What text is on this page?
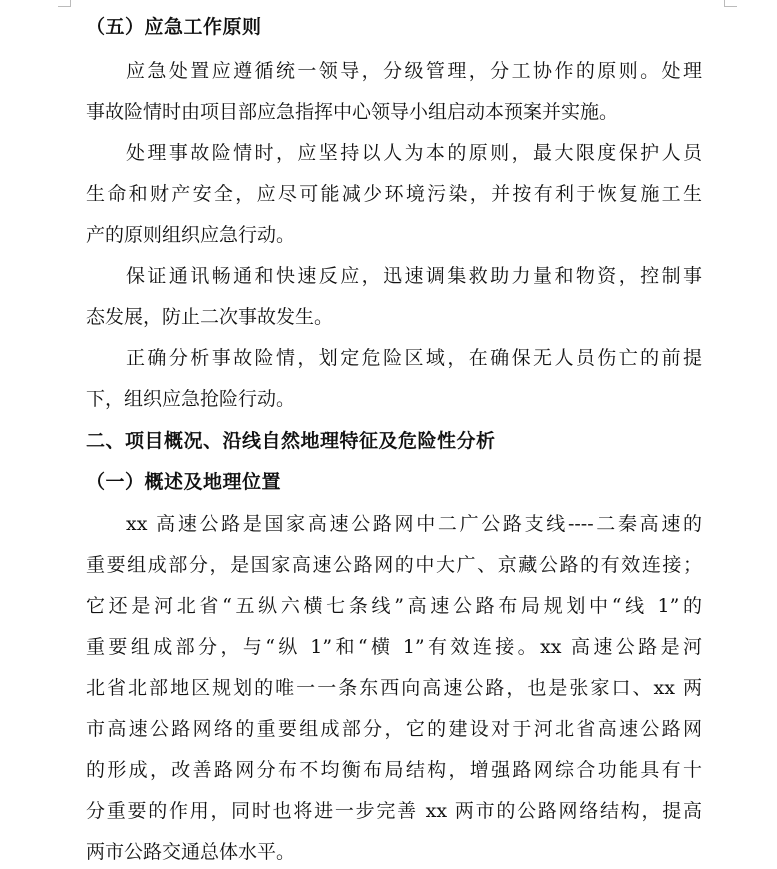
（五）应急工作原则
应急处置应遵循统一领导，分级管理，分工协作的原则。处理
事故险情时由项目部应急指挥中心领导小组启动本预案并实施。
处理事故险情时，应坚持以人为本的原则，最大限度保护人员
生命和财产安全，应尽可能减少环境污染，并按有利于恢复施工生
产的原则组织应急行动。
保证通讯畅通和快速反应，迅速调集救助力量和物资，控制事
态发展，防止二次事故发生。
正确分析事故险情，划定危险区域，在确保无人员伤亡的前提
下，组织应急抢险行动。
二、项目概况、沿线自然地理特征及危险性分析
（一）概述及地理位置
xx 高速公路是国家高速公路网中二广公路支线----二秦高速的
重要组成部分，是国家高速公路网的中大广、京藏公路的有效连接；
它还是河北省“五纵六横七条线”高速公路布局规划中“线 1”的
重要组成部分，与“纵 1”和“横 1”有效连接。xx 高速公路是河
北省北部地区规划的唯一一条东西向高速公路，也是张家口、xx 两
市高速公路网络的重要组成部分，它的建设对于河北省高速公路网
的形成，改善路网分布不均衡布局结构，增强路网综合功能具有十
分重要的作用，同时也将进一步完善 xx 两市的公路网络结构，提高
两市公路交通总体水平。
